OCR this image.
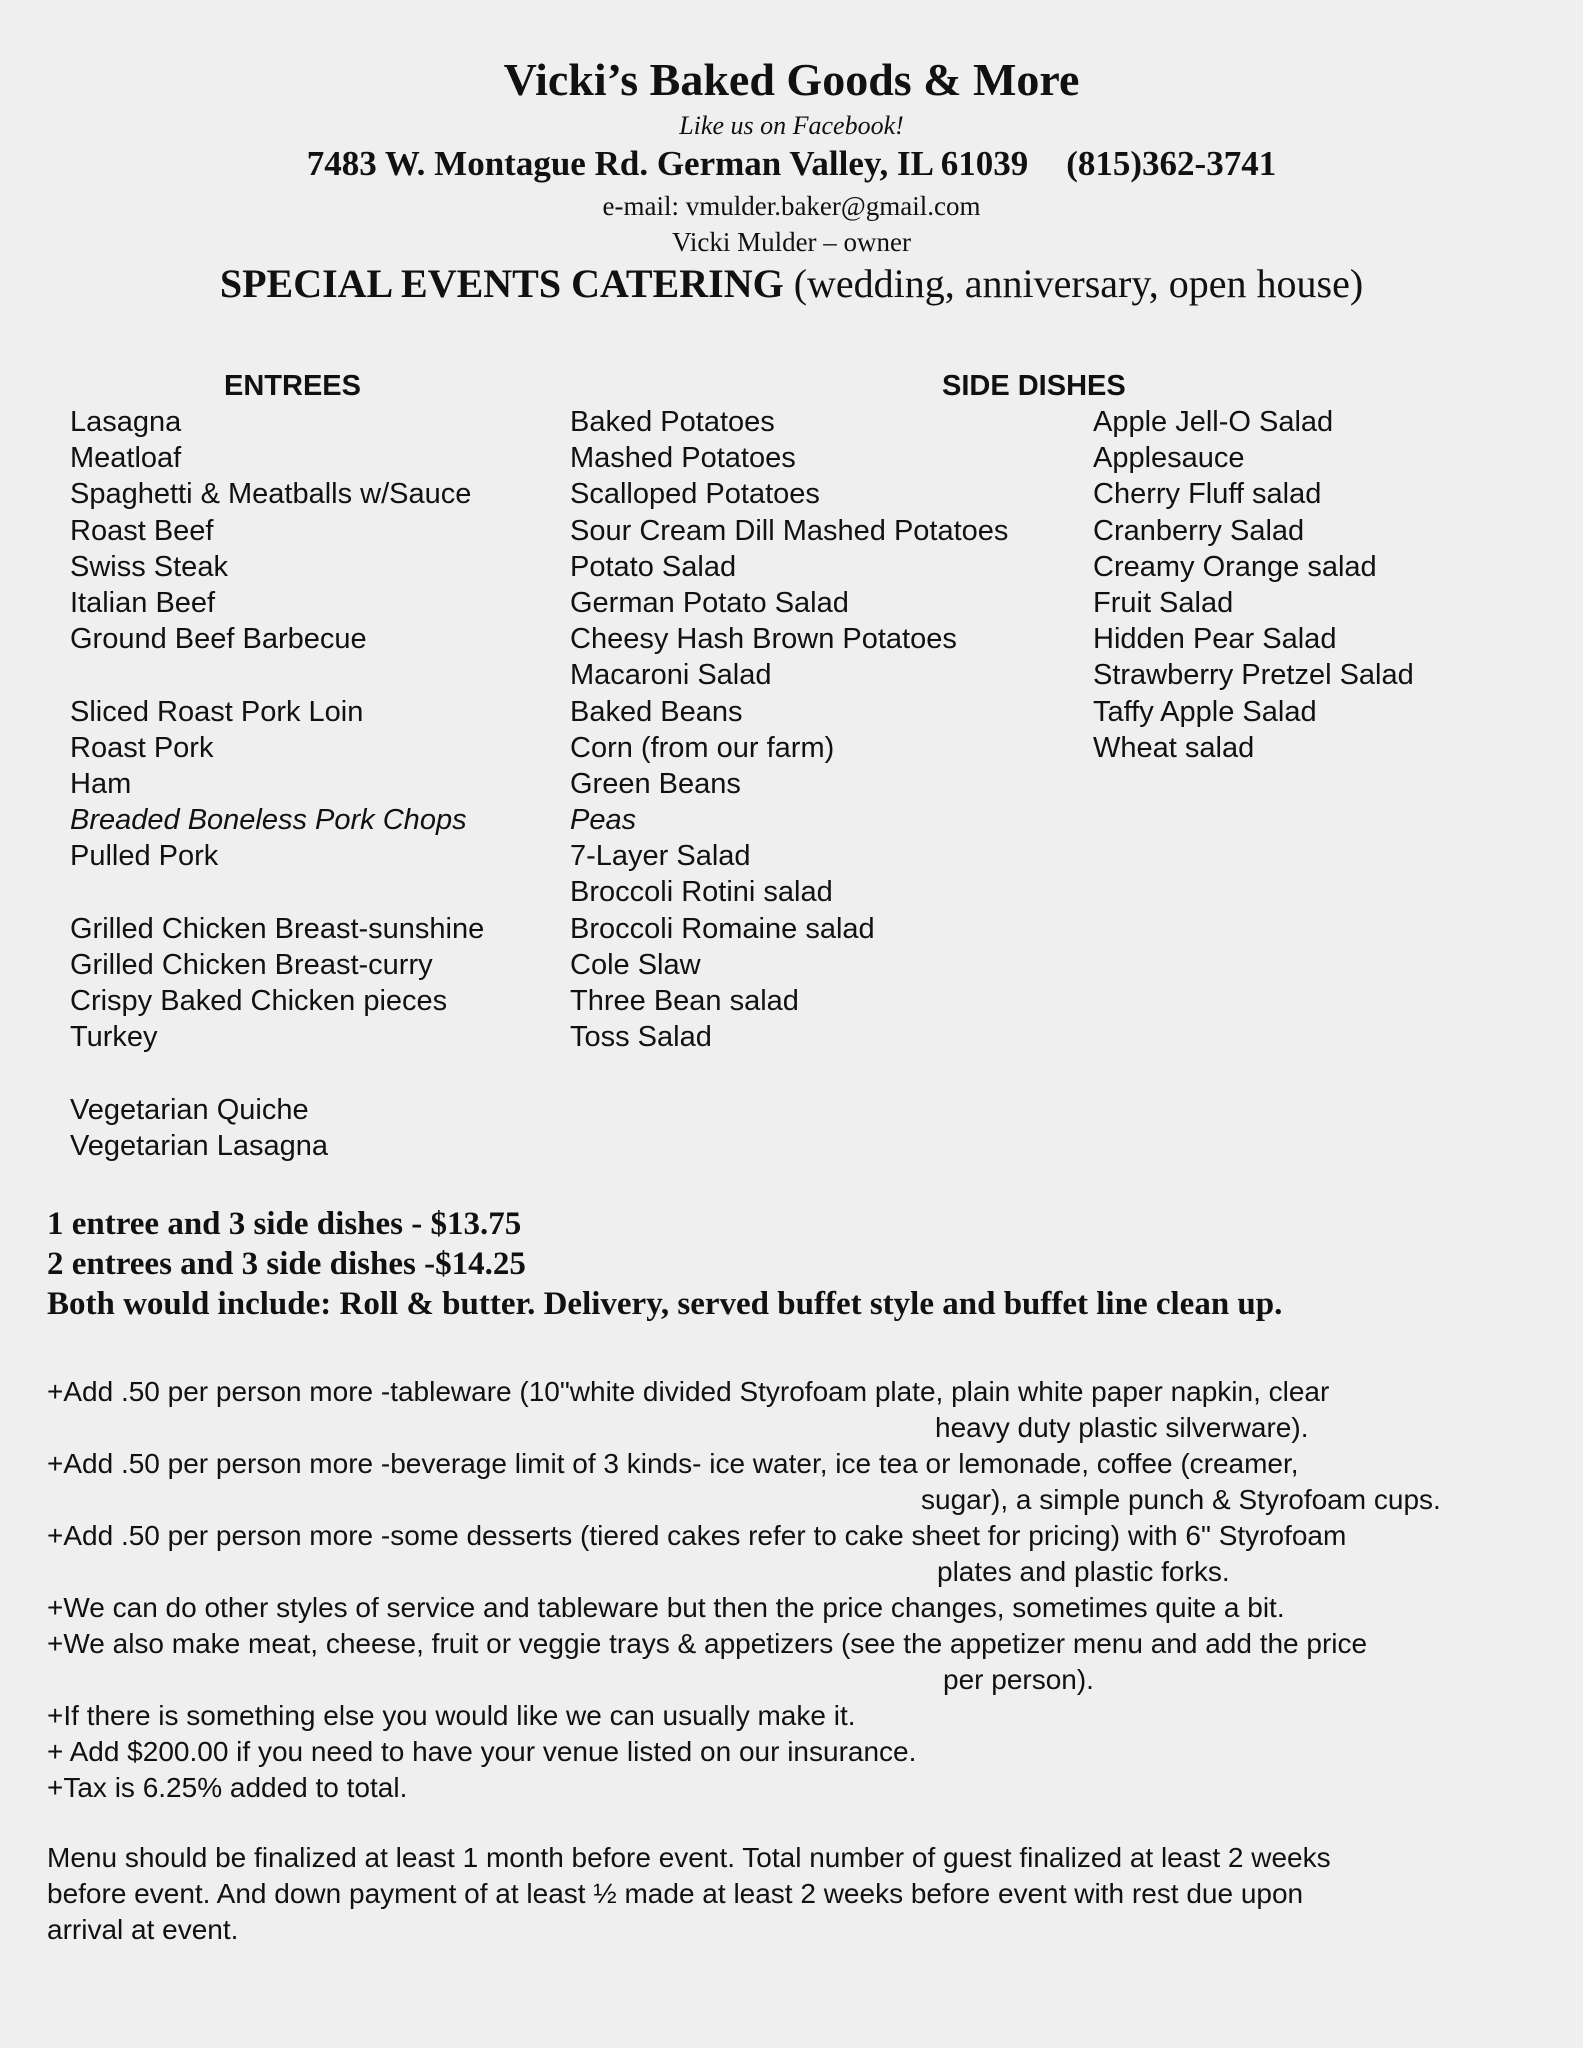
Vicki’s Baked Goods & More
Like us on Facebook!
7483 W. Montague Rd. German Valley, IL 61039 (815)362-3741
e-mail: vmulder.baker@gmail.com
Vicki Mulder – owner
SPECIAL EVENTS CATERING (wedding, anniversary, open house)
ENTREES	SIDE DISHES
Lasagna
Meatloaf
Spaghetti & Meatballs w/Sauce
Roast Beef
Swiss Steak
Italian Beef
Ground Beef Barbecue
Sliced Roast Pork Loin
Roast Pork
Ham
Breaded Boneless Pork Chops
Pulled Pork
Grilled Chicken Breast-sunshine
Grilled Chicken Breast-curry
Crispy Baked Chicken pieces
Turkey
Vegetarian Quiche
Vegetarian Lasagna
Baked Potatoes
Mashed Potatoes
Scalloped Potatoes
Sour Cream Dill Mashed Potatoes
Potato Salad
German Potato Salad
Cheesy Hash Brown Potatoes
Macaroni Salad
Baked Beans
Corn (from our farm)
Green Beans
Peas
7-Layer Salad
Broccoli Rotini salad
Broccoli Romaine salad
Cole Slaw
Three Bean salad
Toss Salad
Apple Jell-O Salad
Applesauce
Cherry Fluff salad
Cranberry Salad
Creamy Orange salad
Fruit Salad
Hidden Pear Salad
Strawberry Pretzel Salad
Taffy Apple Salad
Wheat salad
1 entree and 3 side dishes - $13.75
2 entrees and 3 side dishes -$14.25
Both would include: Roll & butter. Delivery, served buffet style and buffet line clean up.
+Add .50 per person more -tableware (10"white divided Styrofoam plate, plain white paper napkin, clear
heavy duty plastic silverware).
+Add .50 per person more -beverage limit of 3 kinds- ice water, ice tea or lemonade, coffee (creamer,
sugar), a simple punch & Styrofoam cups.
+Add .50 per person more -some desserts (tiered cakes refer to cake sheet for pricing) with 6" Styrofoam
plates and plastic forks.
+We can do other styles of service and tableware but then the price changes, sometimes quite a bit.
+We also make meat, cheese, fruit or veggie trays & appetizers (see the appetizer menu and add the price
per person).
+If there is something else you would like we can usually make it.
+ Add $200.00 if you need to have your venue listed on our insurance.
+Tax is 6.25% added to total.
Menu should be finalized at least 1 month before event. Total number of guest finalized at least 2 weeks
before event. And down payment of at least ½ made at least 2 weeks before event with rest due upon
arrival at event.
